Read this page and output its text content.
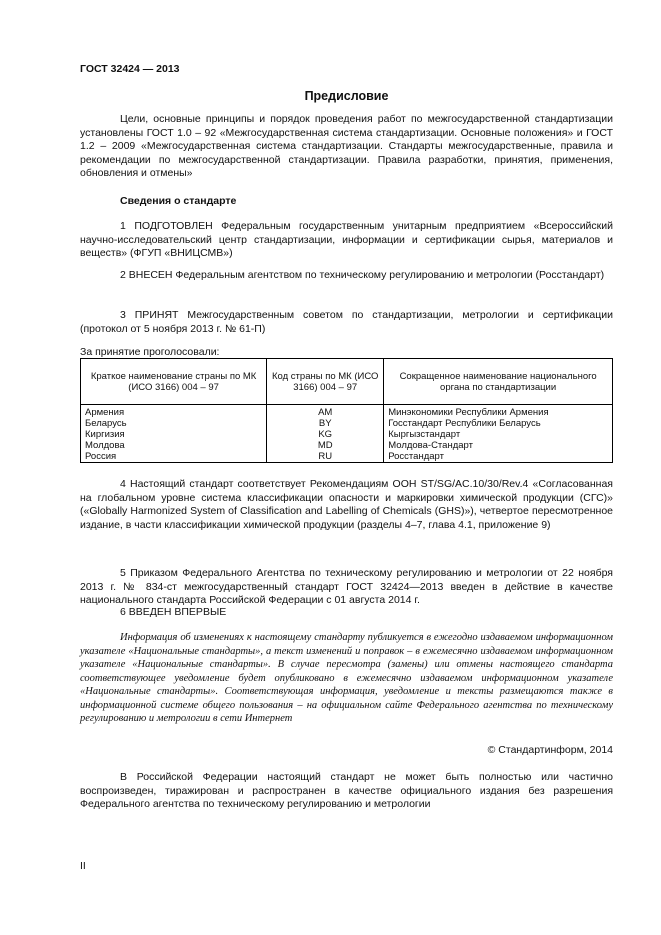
ГОСТ 32424 — 2013
Предисловие
Цели, основные принципы и порядок проведения работ по межгосударственной стандартизации установлены ГОСТ 1.0 – 92 «Межгосударственная система стандартизации. Основные положения» и ГОСТ 1.2 – 2009 «Межгосударственная система стандартизации. Стандарты межгосударственные, правила и рекомендации по межгосударственной стандартизации. Правила разработки, принятия, применения, обновления и отмены»
Сведения о стандарте
1 ПОДГОТОВЛЕН Федеральным государственным унитарным предприятием «Всероссийский научно-исследовательский центр стандартизации, информации и сертификации сырья, материалов и веществ» (ФГУП «ВНИЦСМВ»)
2 ВНЕСЕН Федеральным агентством по техническому регулированию и метрологии (Росстандарт)
3 ПРИНЯТ Межгосударственным советом по стандартизации, метрологии и сертификации (протокол от 5 ноября 2013 г. № 61-П)
За принятие проголосовали:
Краткое наименование страны по МК (ИСО 3166) 004 – 97	Код страны по МК (ИСО 3166) 004 – 97	Сокращенное наименование национального органа по стандартизации
Армения	AM	Минэкономики Республики Армения
Беларусь	BY	Госстандарт Республики Беларусь
Киргизия	KG	Кыргызстандарт
Молдова	MD	Молдова-Стандарт
Россия	RU	Росстандарт
4 Настоящий стандарт соответствует Рекомендациям ООН ST/SG/AC.10/30/Rev.4 «Согласованная на глобальном уровне система классификации опасности и маркировки химической продукции (СГС)» («Globally Harmonized System of Classification and Labelling of Chemicals (GHS)»), четвертое пересмотренное издание, в части классификации химической продукции (разделы 4–7, глава 4.1, приложение 9)
5 Приказом Федерального Агентства по техническому регулированию и метрологии от 22 ноября 2013 г. № 834-ст межгосударственный стандарт ГОСТ 32424—2013 введен в действие в качестве национального стандарта Российской Федерации с 01 августа 2014 г.
6 ВВЕДЕН ВПЕРВЫЕ
Информация об изменениях к настоящему стандарту публикуется в ежегодно издаваемом информационном указателе «Национальные стандарты», а текст изменений и поправок – в ежемесячно издаваемом информационном указателе «Национальные стандарты». В случае пересмотра (замены) или отмены настоящего стандарта соответствующее уведомление будет опубликовано в ежемесячно издаваемом информационном указателе «Национальные стандарты». Соответствующая информация, уведомление и тексты размещаются также в информационной системе общего пользования – на официальном сайте Федерального агентства по техническому регулированию и метрологии в сети Интернет
© Стандартинформ, 2014
В Российской Федерации настоящий стандарт не может быть полностью или частично воспроизведен, тиражирован и распространен в качестве официального издания без разрешения Федерального агентства по техническому регулированию и метрологии
II
